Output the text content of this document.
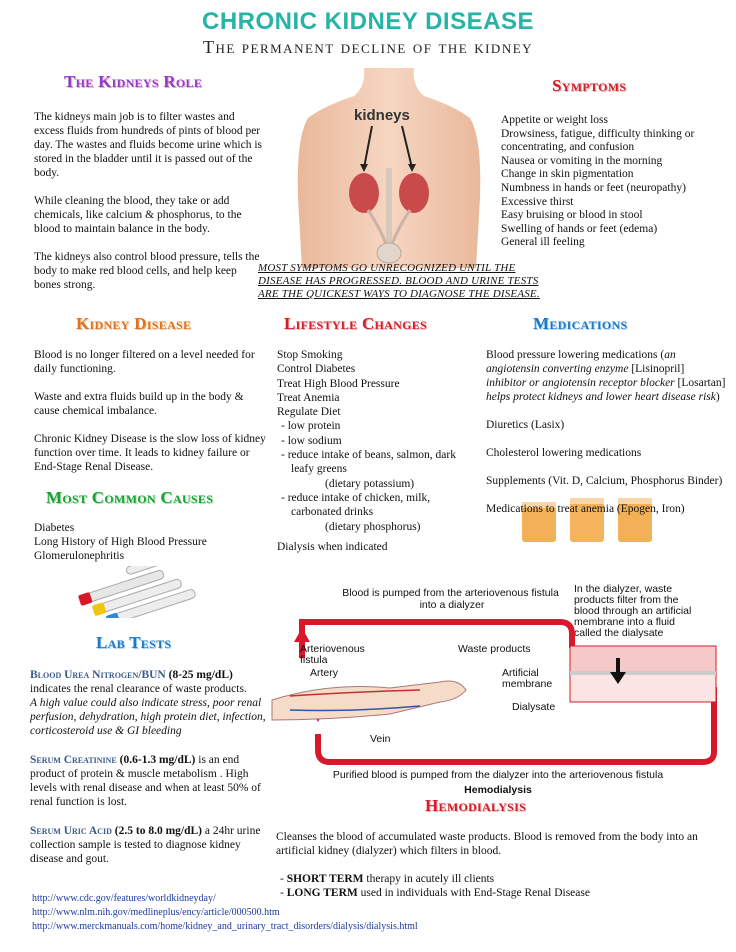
CHRONIC KIDNEY DISEASE
The permanent decline of the kidney
The Kidneys Role

The kidneys main job is to filter wastes and excess fluids from hundreds of pints of blood per day. The wastes and fluids become urine which is stored in the bladder until it is passed out of the body.

While cleaning the blood, they take or add chemicals, like calcium & phosphorus, to the blood to maintain balance in the body.

The kidneys also control blood pressure, tells the body to make red blood cells, and help keep bones strong.

kidneys
Symptoms
Appetite or weight loss
Drowsiness, fatigue, difficulty thinking or concentrating, and confusion
Nausea or vomiting in the morning
Change in skin pigmentation
Numbness in hands or feet (neuropathy)
Excessive thirst
Easy bruising or blood in stool
Swelling of hands or feet (edema)
General ill feeling
MOST SYMPTOMS GO UNRECOGNIZED UNTIL THE DISEASE HAS PROGRESSED. BLOOD AND URINE TESTS ARE THE QUICKEST WAYS TO DIAGNOSE THE DISEASE.
Kidney Disease

Blood is no longer filtered on a level needed for daily functioning.

Waste and extra fluids build up in the body & cause chemical imbalance.

Chronic Kidney Disease is the slow loss of kidney function over time. It leads to kidney failure or End-Stage Renal Disease.

Most Common Causes
Diabetes
Long History of High Blood Pressure
Glomerulonephritis
Lab Tests

Blood Urea Nitrogen/BUN (8-25 mg/dL) indicates the renal clearance of waste products.
A high value could also indicate stress, poor renal perfusion, dehydration, high protein diet, infection, corticosteroid use & GI bleeding

Serum Creatinine (0.6-1.3 mg/dL) is an end product of protein & muscle metabolism . High levels with renal disease and when at least 50% of renal function is lost.

Serum Uric Acid (2.5 to 8.0 mg/dL) a 24hr urine collection sample is tested to diagnose kidney disease and gout.

Lifestyle Changes
Stop Smoking
Control Diabetes
Treat High Blood Pressure
Treat Anemia
Regulate Diet
- low protein
- low sodium
- reduce intake of beans, salmon, dark leafy greens
(dietary potassium)
- reduce intake of chicken, milk, carbonated drinks
(dietary phosphorus)
Dialysis when indicated
Medications

Blood pressure lowering medications (an angiotensin converting enzyme [Lisinopril] inhibitor or angiotensin receptor blocker [Losartan] helps protect kidneys and lower heart disease risk)

Diuretics (Lasix)

Cholesterol lowering medications

Supplements (Vit. D, Calcium, Phosphorus Binder)

Medications to treat anemia (Epogen, Iron)

Blood is pumped from the arteriovenous fistula into a dialyzer
In the dialyzer, waste products filter from the blood through an artificial membrane into a fluid called the dialysate
Arteriovenous fistula
Artery
Vein
Waste products
Artificial membrane
Dialysate
Purified blood is pumped from the dialyzer into the arteriovenous fistula
Hemodialysis
Hemodialysis

Cleanses the blood of accumulated waste products. Blood is removed from the body into an artificial kidney (dialyzer) which filters in blood.

- SHORT TERM therapy in acutely ill clients
- LONG TERM used in individuals with End-Stage Renal Disease
http://www.cdc.gov/features/worldkidneyday/
http://www.nlm.nih.gov/medlineplus/ency/article/000500.htm
http://www.merckmanuals.com/home/kidney_and_urinary_tract_disorders/dialysis/dialysis.html
